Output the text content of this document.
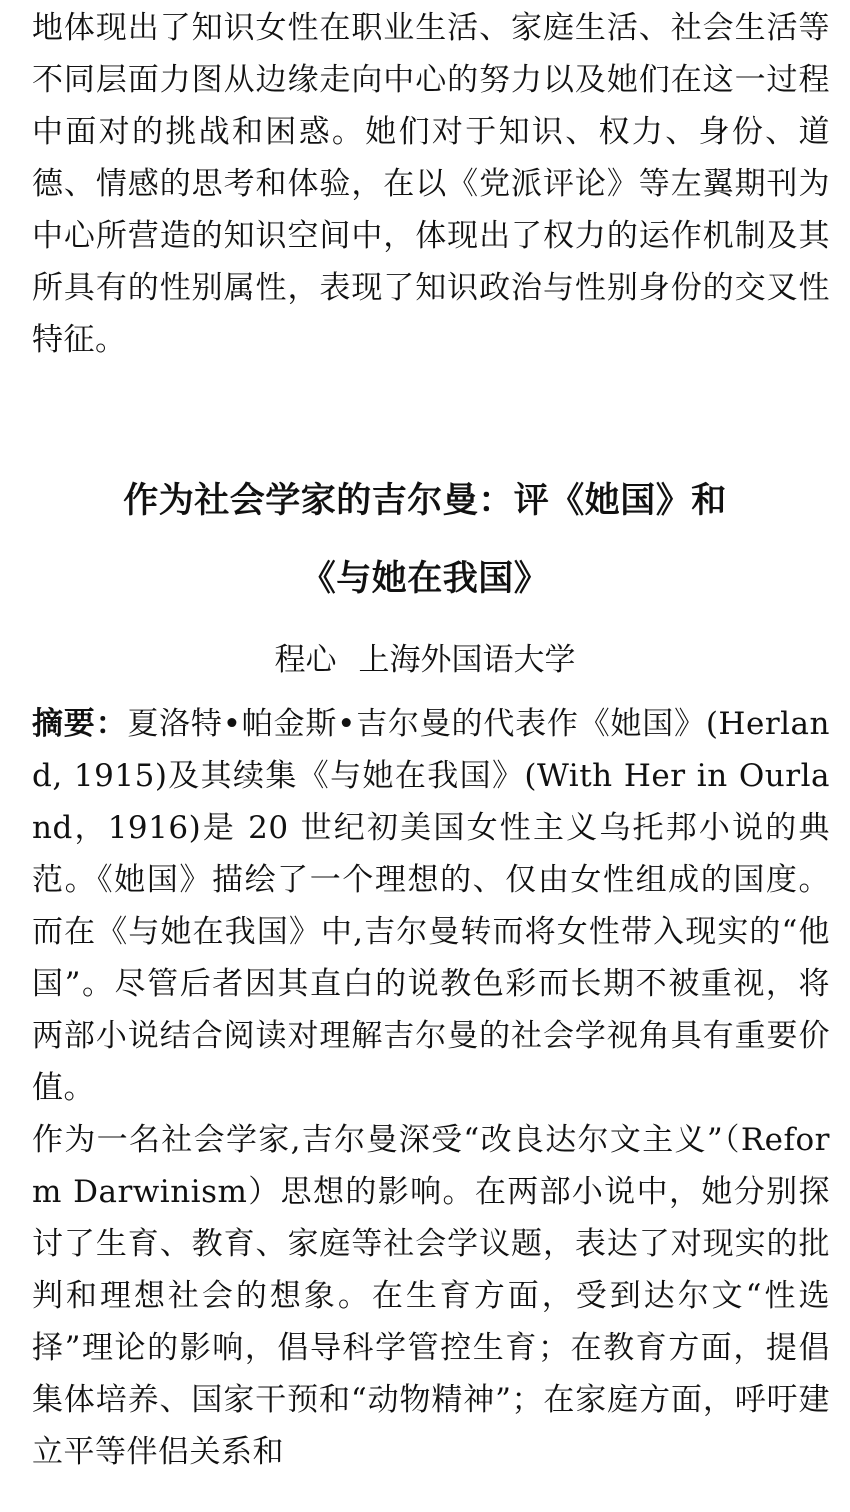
地体现出了知识女性在职业生活、家庭生活、社会生活等不同层面力图从边缘走向中心的努力以及她们在这一过程中面对的挑战和困惑。她们对于知识、权力、身份、道德、情感的思考和体验，在以《党派评论》等左翼期刊为中心所营造的知识空间中，体现出了权力的运作机制及其所具有的性别属性，表现了知识政治与性别身份的交叉性特征。

作为社会学家的吉尔曼：评《她国》和
《与她在我国》
程心 上海外国语大学

摘要：夏洛特•帕金斯•吉尔曼的代表作《她国》(Herland, 1915)及其续集《与她在我国》(With Her in Ourland，1916)是 20 世纪初美国女性主义乌托邦小说的典范。《她国》描绘了一个理想的、仅由女性组成的国度。而在《与她在我国》中,吉尔曼转而将女性带入现实的“他国”。尽管后者因其直白的说教色彩而长期不被重视，将两部小说结合阅读对理解吉尔曼的社会学视角具有重要价值。

作为一名社会学家,吉尔曼深受“改良达尔文主义”（Reform Darwinism）思想的影响。在两部小说中，她分别探讨了生育、教育、家庭等社会学议题，表达了对现实的批判和理想社会的想象。在生育方面，受到达尔文“性选择”理论的影响，倡导科学管控生育；在教育方面，提倡集体培养、国家干预和“动物精神”；在家庭方面，呼吁建立平等伴侣关系和
